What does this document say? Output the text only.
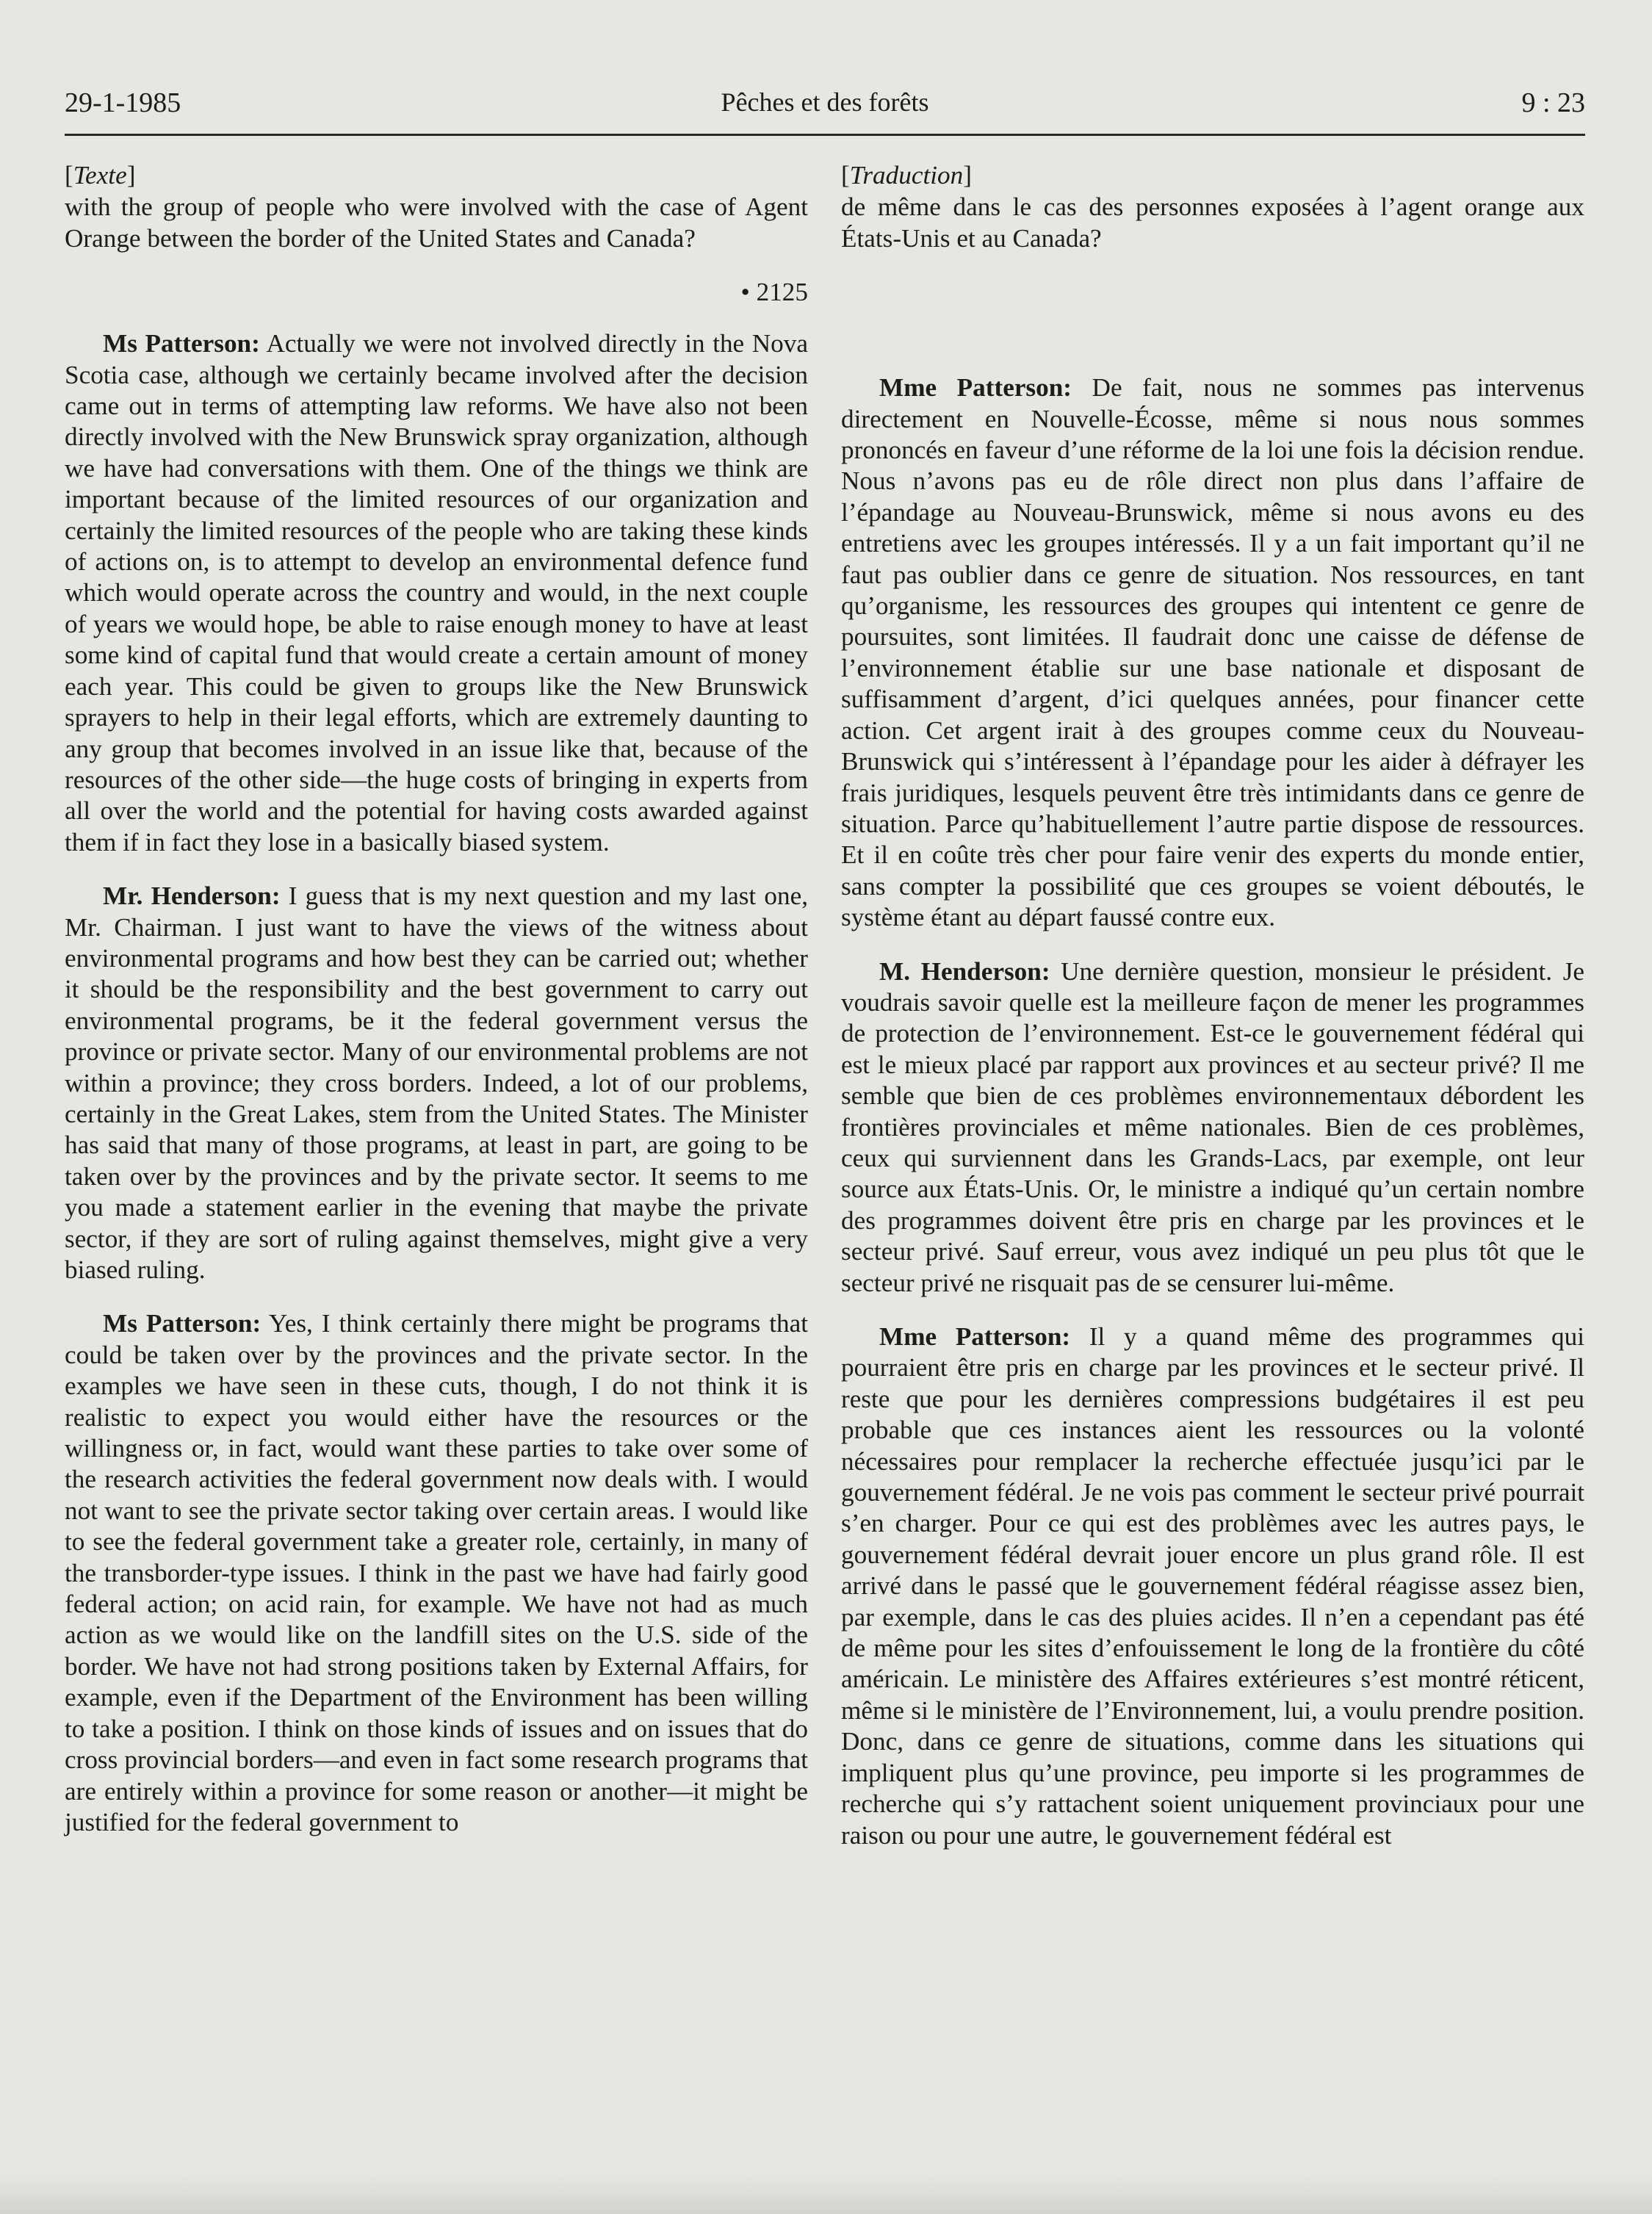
29-1-1985	Pêches et des forêts	9 : 23
[Texte]

with the group of people who were involved with the case of Agent Orange between the border of the United States and Canada?

• 2125

Ms Patterson: Actually we were not involved directly in the Nova Scotia case, although we certainly became involved after the decision came out in terms of attempting law reforms. We have also not been directly involved with the New Brunswick spray organization, although we have had conversations with them. One of the things we think are important because of the limited resources of our organization and certainly the limited resources of the people who are taking these kinds of actions on, is to attempt to develop an environmental defence fund which would operate across the country and would, in the next couple of years we would hope, be able to raise enough money to have at least some kind of capital fund that would create a certain amount of money each year. This could be given to groups like the New Brunswick sprayers to help in their legal efforts, which are extremely daunting to any group that becomes involved in an issue like that, because of the resources of the other side—the huge costs of bringing in experts from all over the world and the potential for having costs awarded against them if in fact they lose in a basically biased system.

Mr. Henderson: I guess that is my next question and my last one, Mr. Chairman. I just want to have the views of the witness about environmental programs and how best they can be carried out; whether it should be the responsibility and the best government to carry out environmental programs, be it the federal government versus the province or private sector. Many of our environmental problems are not within a province; they cross borders. Indeed, a lot of our problems, certainly in the Great Lakes, stem from the United States. The Minister has said that many of those programs, at least in part, are going to be taken over by the provinces and by the private sector. It seems to me you made a statement earlier in the evening that maybe the private sector, if they are sort of ruling against themselves, might give a very biased ruling.

Ms Patterson: Yes, I think certainly there might be programs that could be taken over by the provinces and the private sector. In the examples we have seen in these cuts, though, I do not think it is realistic to expect you would either have the resources or the willingness or, in fact, would want these parties to take over some of the research activities the federal government now deals with. I would not want to see the private sector taking over certain areas. I would like to see the federal government take a greater role, certainly, in many of the transborder-type issues. I think in the past we have had fairly good federal action; on acid rain, for example. We have not had as much action as we would like on the landfill sites on the U.S. side of the border. We have not had strong positions taken by External Affairs, for example, even if the Department of the Environment has been willing to take a position. I think on those kinds of issues and on issues that do cross provincial borders—and even in fact some research programs that are entirely within a province for some reason or another—it might be justified for the federal government to

[Traduction]

de même dans le cas des personnes exposées à l’agent orange aux États-Unis et au Canada?

Mme Patterson: De fait, nous ne sommes pas intervenus directement en Nouvelle-Écosse, même si nous nous sommes prononcés en faveur d’une réforme de la loi une fois la décision rendue. Nous n’avons pas eu de rôle direct non plus dans l’affaire de l’épandage au Nouveau-Brunswick, même si nous avons eu des entretiens avec les groupes intéressés. Il y a un fait important qu’il ne faut pas oublier dans ce genre de situation. Nos ressources, en tant qu’organisme, les ressources des groupes qui intentent ce genre de poursuites, sont limitées. Il faudrait donc une caisse de défense de l’environnement établie sur une base nationale et disposant de suffisamment d’argent, d’ici quelques années, pour financer cette action. Cet argent irait à des groupes comme ceux du Nouveau-Brunswick qui s’intéressent à l’épandage pour les aider à défrayer les frais juridiques, lesquels peuvent être très intimidants dans ce genre de situation. Parce qu’habituellement l’autre partie dispose de ressources. Et il en coûte très cher pour faire venir des experts du monde entier, sans compter la possibilité que ces groupes se voient déboutés, le système étant au départ faussé contre eux.

M. Henderson: Une dernière question, monsieur le président. Je voudrais savoir quelle est la meilleure façon de mener les programmes de protection de l’environnement. Est-ce le gouvernement fédéral qui est le mieux placé par rapport aux provinces et au secteur privé? Il me semble que bien de ces problèmes environnementaux débordent les frontières provinciales et même nationales. Bien de ces problèmes, ceux qui surviennent dans les Grands-Lacs, par exemple, ont leur source aux États-Unis. Or, le ministre a indiqué qu’un certain nombre des programmes doivent être pris en charge par les provinces et le secteur privé. Sauf erreur, vous avez indiqué un peu plus tôt que le secteur privé ne risquait pas de se censurer lui-même.

Mme Patterson: Il y a quand même des programmes qui pourraient être pris en charge par les provinces et le secteur privé. Il reste que pour les dernières compressions budgétaires il est peu probable que ces instances aient les ressources ou la volonté nécessaires pour remplacer la recherche effectuée jusqu’ici par le gouvernement fédéral. Je ne vois pas comment le secteur privé pourrait s’en charger. Pour ce qui est des problèmes avec les autres pays, le gouvernement fédéral devrait jouer encore un plus grand rôle. Il est arrivé dans le passé que le gouvernement fédéral réagisse assez bien, par exemple, dans le cas des pluies acides. Il n’en a cependant pas été de même pour les sites d’enfouissement le long de la frontière du côté américain. Le ministère des Affaires extérieures s’est montré réticent, même si le ministère de l’Environnement, lui, a voulu prendre position. Donc, dans ce genre de situations, comme dans les situations qui impliquent plus qu’une province, peu importe si les programmes de recherche qui s’y rattachent soient uniquement provinciaux pour une raison ou pour une autre, le gouvernement fédéral est
